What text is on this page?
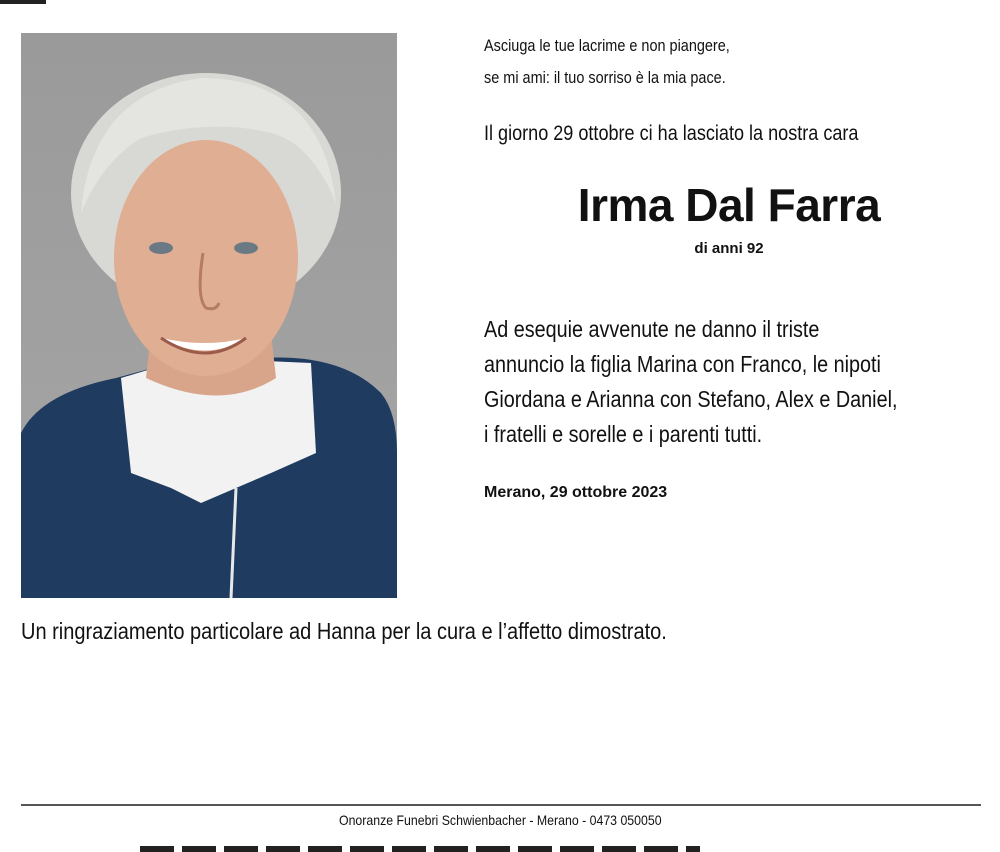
Asciuga le tue lacrime e non piangere,
se mi ami: il tuo sorriso è la mia pace.
Il giorno 29 ottobre ci ha lasciato la nostra cara
Irma Dal Farra
di anni 92
Ad esequie avvenute ne danno il triste
annuncio la figlia Marina con Franco, le nipoti
Giordana e Arianna con Stefano, Alex e Daniel,
i fratelli e sorelle e i parenti tutti.
Merano, 29 ottobre 2023
Un ringraziamento particolare ad Hanna per la cura e l’affetto dimostrato.
Onoranze Funebri Schwienbacher - Merano - 0473 050050
